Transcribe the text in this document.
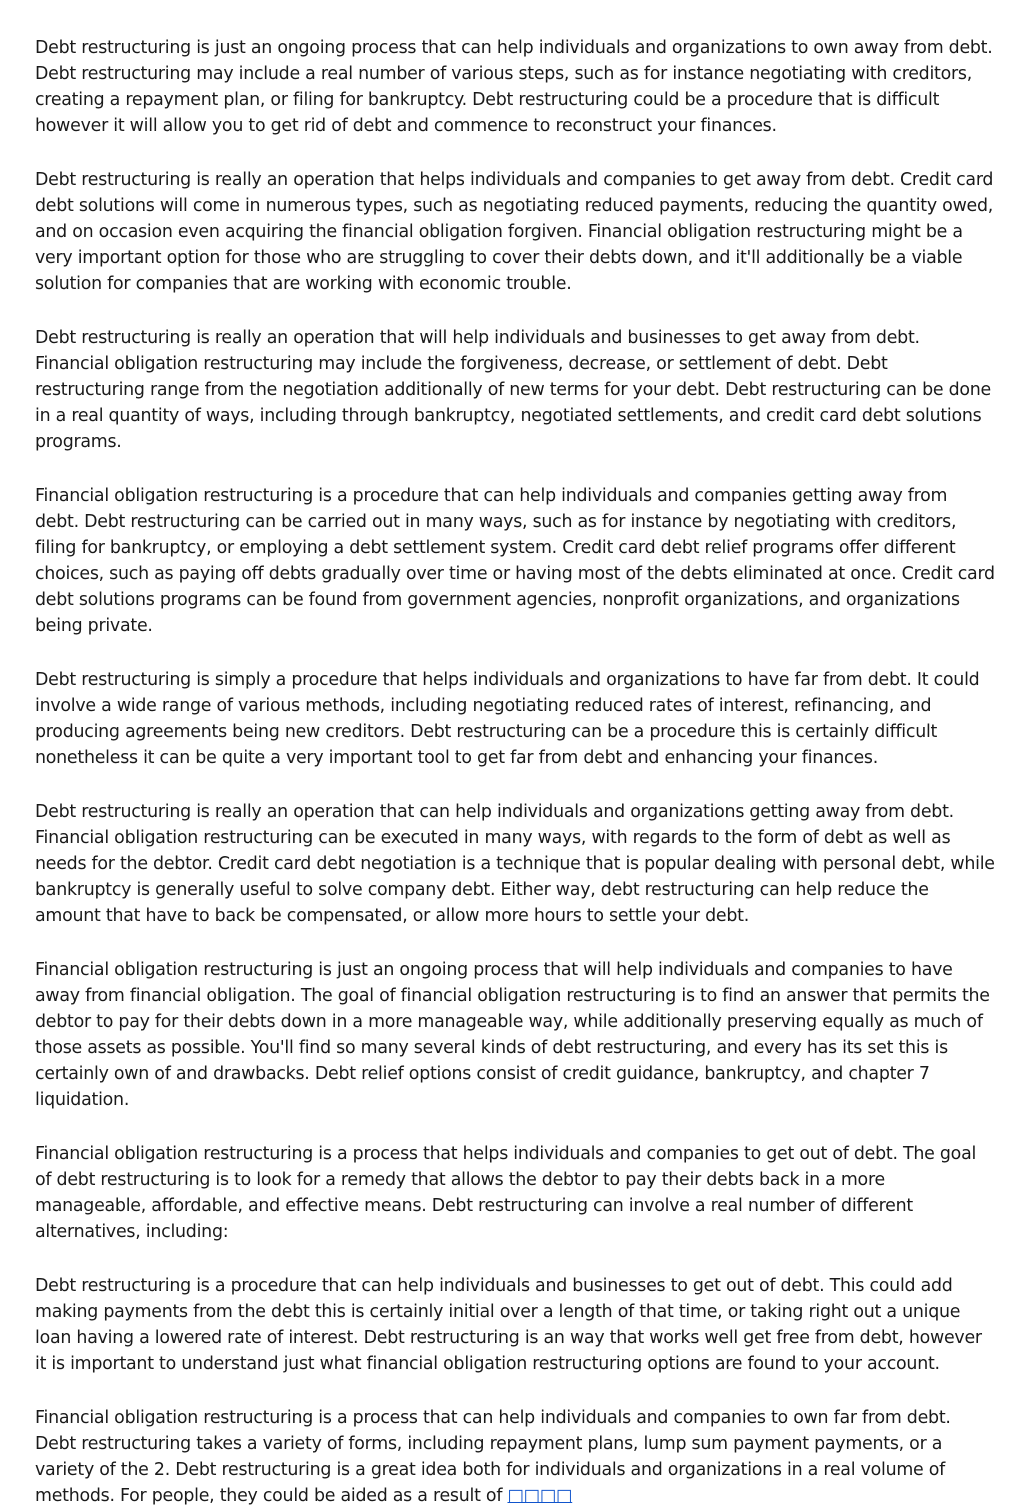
Debt restructuring is just an ongoing process that can help individuals and organizations to own away from debt. Debt restructuring may include a real number of various steps, such as for instance negotiating with creditors, creating a repayment plan, or filing for bankruptcy. Debt restructuring could be a procedure that is difficult however it will allow you to get rid of debt and commence to reconstruct your finances.

Debt restructuring is really an operation that helps individuals and companies to get away from debt. Credit card debt solutions will come in numerous types, such as negotiating reduced payments, reducing the quantity owed, and on occasion even acquiring the financial obligation forgiven. Financial obligation restructuring might be a very important option for those who are struggling to cover their debts down, and it'll additionally be a viable solution for companies that are working with economic trouble.

Debt restructuring is really an operation that will help individuals and businesses to get away from debt. Financial obligation restructuring may include the forgiveness, decrease, or settlement of debt. Debt restructuring range from the negotiation additionally of new terms for your debt. Debt restructuring can be done in a real quantity of ways, including through bankruptcy, negotiated settlements, and credit card debt solutions programs.

Financial obligation restructuring is a procedure that can help individuals and companies getting away from debt. Debt restructuring can be carried out in many ways, such as for instance by negotiating with creditors, filing for bankruptcy, or employing a debt settlement system. Credit card debt relief programs offer different choices, such as paying off debts gradually over time or having most of the debts eliminated at once. Credit card debt solutions programs can be found from government agencies, nonprofit organizations, and organizations being private.

Debt restructuring is simply a procedure that helps individuals and organizations to have far from debt. It could involve a wide range of various methods, including negotiating reduced rates of interest, refinancing, and producing agreements being new creditors. Debt restructuring can be a procedure this is certainly difficult nonetheless it can be quite a very important tool to get far from debt and enhancing your finances.

Debt restructuring is really an operation that can help individuals and organizations getting away from debt. Financial obligation restructuring can be executed in many ways, with regards to the form of debt as well as needs for the debtor. Credit card debt negotiation is a technique that is popular dealing with personal debt, while bankruptcy is generally useful to solve company debt. Either way, debt restructuring can help reduce the amount that have to back be compensated, or allow more hours to settle your debt.

Financial obligation restructuring is just an ongoing process that will help individuals and companies to have away from financial obligation. The goal of financial obligation restructuring is to find an answer that permits the debtor to pay for their debts down in a more manageable way, while additionally preserving equally as much of those assets as possible. You'll find so many several kinds of debt restructuring, and every has its set this is certainly own of and drawbacks. Debt relief options consist of credit guidance, bankruptcy, and chapter 7 liquidation.

Financial obligation restructuring is a process that helps individuals and companies to get out of debt. The goal of debt restructuring is to look for a remedy that allows the debtor to pay their debts back in a more manageable, affordable, and effective means. Debt restructuring can involve a real number of different alternatives, including:

Debt restructuring is a procedure that can help individuals and businesses to get out of debt. This could add making payments from the debt this is certainly initial over a length of that time, or taking right out a unique loan having a lowered rate of interest. Debt restructuring is an way that works well get free from debt, however it is important to understand just what financial obligation restructuring options are found to your account.

Financial obligation restructuring is a process that can help individuals and companies to own far from debt. Debt restructuring takes a variety of forms, including repayment plans, lump sum payment payments, or a variety of the 2. Debt restructuring is a great idea both for individuals and organizations in a real volume of methods. For people, they could be aided as a result of □□□□
